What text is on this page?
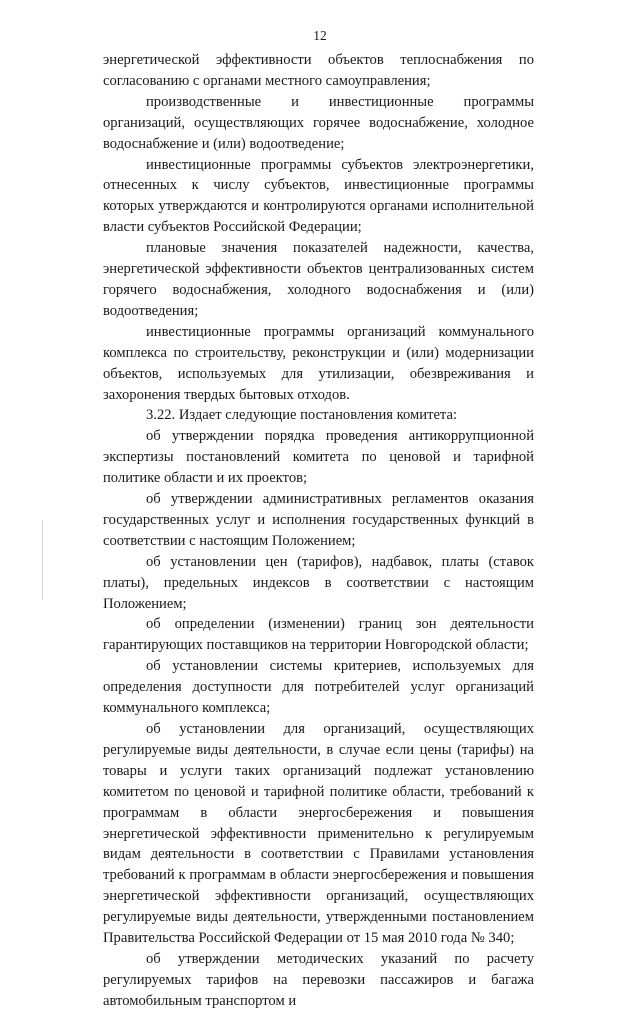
12

энергетической эффективности объектов теплоснабжения по согласованию с органами местного самоуправления;

производственные и инвестиционные программы организаций, осуществляющих горячее водоснабжение, холодное водоснабжение и (или) водоотведение;

инвестиционные программы субъектов электроэнергетики, отнесенных к числу субъектов, инвестиционные программы которых утверждаются и контролируются органами исполнительной власти субъектов Российской Федерации;

плановые значения показателей надежности, качества, энергетической эффективности объектов централизованных систем горячего водоснабжения, холодного водоснабжения и (или) водоотведения;

инвестиционные программы организаций коммунального комплекса по строительству, реконструкции и (или) модернизации объектов, используемых для утилизации, обезвреживания и захоронения твердых бытовых отходов.

3.22. Издает следующие постановления комитета:

об утверждении порядка проведения антикоррупционной экспертизы постановлений комитета по ценовой и тарифной политике области и их проектов;

об утверждении административных регламентов оказания государственных услуг и исполнения государственных функций в соответствии с настоящим Положением;

об установлении цен (тарифов), надбавок, платы (ставок платы), предельных индексов в соответствии с настоящим Положением;

об определении (изменении) границ зон деятельности гарантирующих поставщиков на территории Новгородской области;

об установлении системы критериев, используемых для определения доступности для потребителей услуг организаций коммунального комплекса;

об установлении для организаций, осуществляющих регулируемые виды деятельности, в случае если цены (тарифы) на товары и услуги таких организаций подлежат установлению комитетом по ценовой и тарифной политике области, требований к программам в области энергосбережения и повышения энергетической эффективности применительно к регулируемым видам деятельности в соответствии с Правилами установления требований к программам в области энергосбережения и повышения энергетической эффективности организаций, осуществляющих регулируемые виды деятельности, утвержденными постановлением Правительства Российской Федерации от 15 мая 2010 года № 340;

об утверждении методических указаний по расчету регулируемых тарифов на перевозки пассажиров и багажа автомобильным транспортом и
